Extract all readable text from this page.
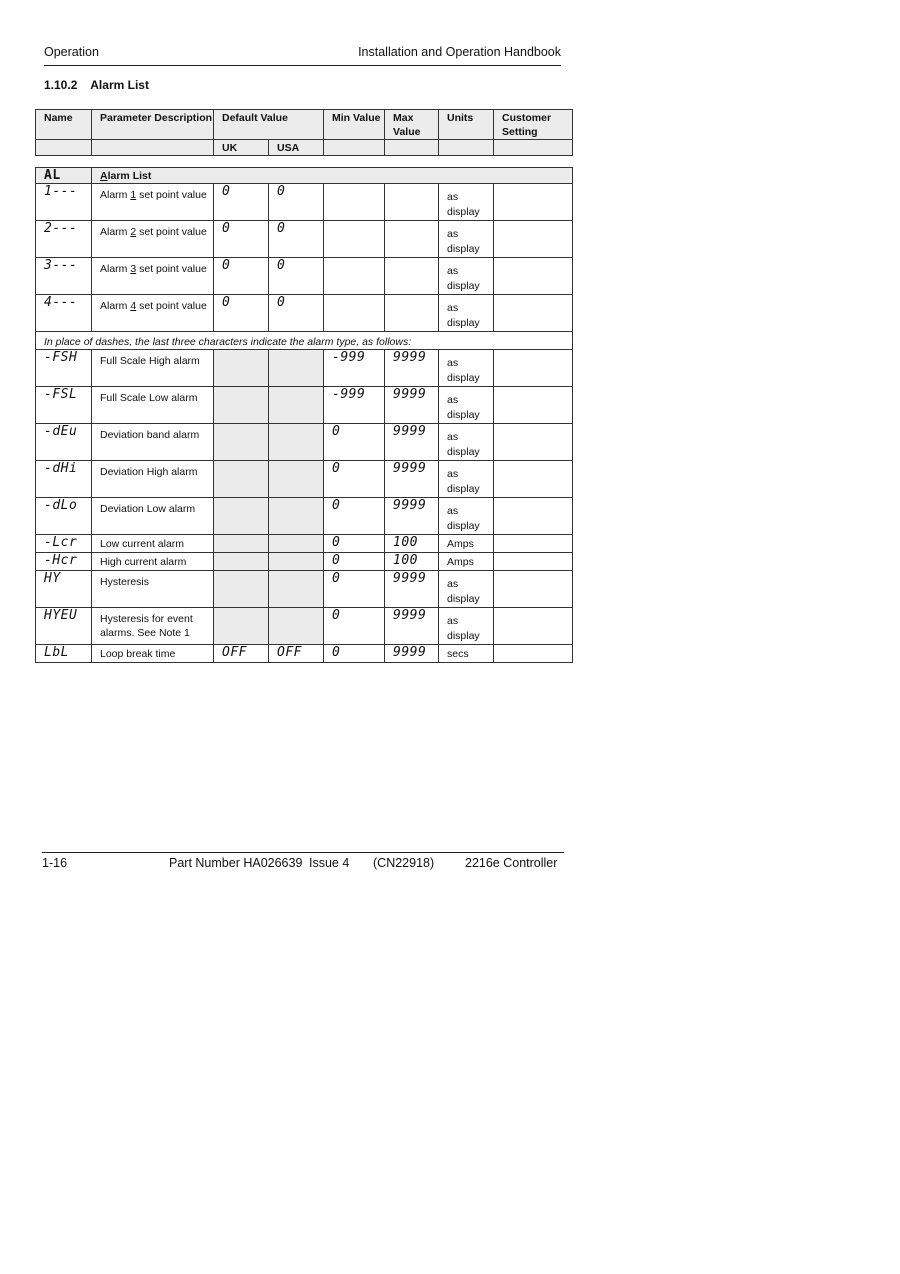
Operation	Installation and Operation Handbook
1.10.2 Alarm List
Name	Parameter Description	Default Value		Min Value	Max Value	Units	Customer Setting
		UK	USA				
AL	Alarm List						

1---	Alarm 1 set point value	0	0			as display	

2---	Alarm 2 set point value	0	0			as display	

3---	Alarm 3 set point value	0	0			as display	

4---	Alarm 4 set point value	0	0			as display	

In place of dashes, the last three characters indicate the alarm type, as follows:							

-FSH	Full Scale High alarm			-999	9999	as display	

-FSL	Full Scale Low alarm			-999	9999	as display	

-dEu	Deviation band alarm			0	9999	as display	

-dHi	Deviation High alarm			0	9999	as display	

-dLo	Deviation Low alarm			0	9999	as display	

-Lcr	Low current alarm			0	100	Amps	

-Hcr	High current alarm			0	100	Amps	

HY	Hysteresis			0	9999	as display	

HYEU	Hysteresis for event alarms. See Note 1			0	9999	as display	

LbL	Loop break time	OFF	OFF	0	9999	secs	

1-16	Part Number HA026639 Issue 4 (CN22918) 2216e Controller
